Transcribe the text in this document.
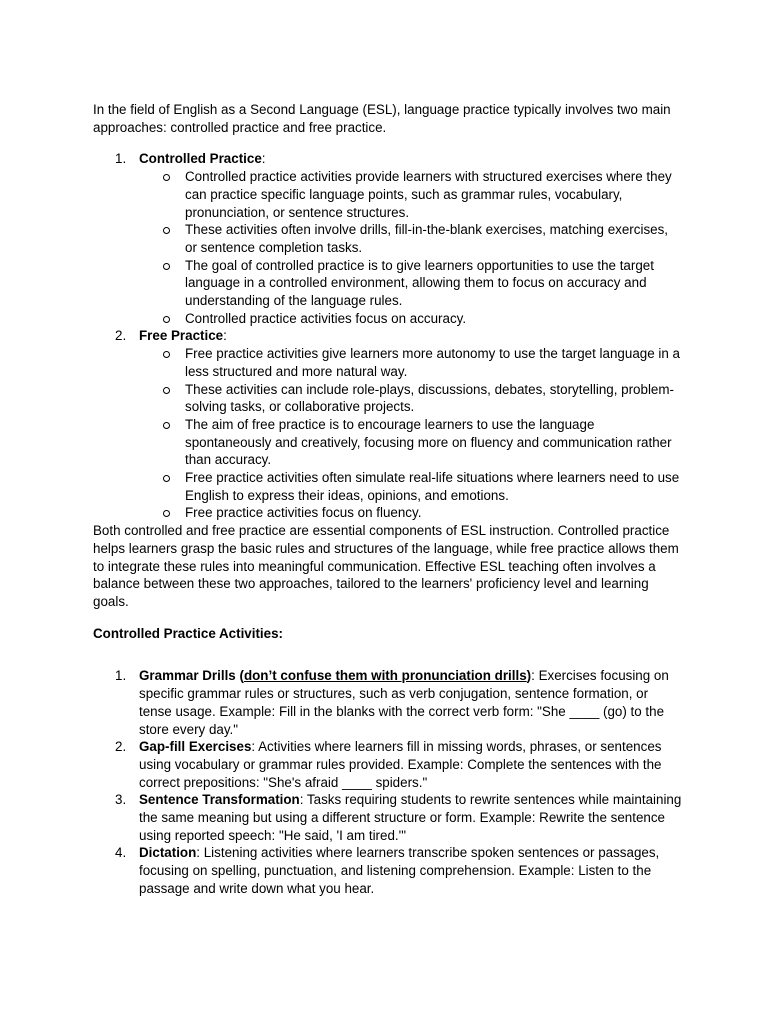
In the field of English as a Second Language (ESL), language practice typically involves two main approaches: controlled practice and free practice.

1. Controlled Practice:
Controlled practice activities provide learners with structured exercises where they can practice specific language points, such as grammar rules, vocabulary, pronunciation, or sentence structures.
These activities often involve drills, fill-in-the-blank exercises, matching exercises, or sentence completion tasks.
The goal of controlled practice is to give learners opportunities to use the target language in a controlled environment, allowing them to focus on accuracy and understanding of the language rules.
Controlled practice activities focus on accuracy.
2. Free Practice:
Free practice activities give learners more autonomy to use the target language in a less structured and more natural way.
These activities can include role-plays, discussions, debates, storytelling, problem-solving tasks, or collaborative projects.
The aim of free practice is to encourage learners to use the language spontaneously and creatively, focusing more on fluency and communication rather than accuracy.
Free practice activities often simulate real-life situations where learners need to use English to express their ideas, opinions, and emotions.
Free practice activities focus on fluency.

Both controlled and free practice are essential components of ESL instruction. Controlled practice helps learners grasp the basic rules and structures of the language, while free practice allows them to integrate these rules into meaningful communication. Effective ESL teaching often involves a balance between these two approaches, tailored to the learners' proficiency level and learning goals.

Controlled Practice Activities:

1. Grammar Drills (don’t confuse them with pronunciation drills): Exercises focusing on specific grammar rules or structures, such as verb conjugation, sentence formation, or tense usage. Example: Fill in the blanks with the correct verb form: "She ____ (go) to the store every day."
2. Gap-fill Exercises: Activities where learners fill in missing words, phrases, or sentences using vocabulary or grammar rules provided. Example: Complete the sentences with the correct prepositions: "She's afraid ____ spiders."
3. Sentence Transformation: Tasks requiring students to rewrite sentences while maintaining the same meaning but using a different structure or form. Example: Rewrite the sentence using reported speech: "He said, 'I am tired.'"
4. Dictation: Listening activities where learners transcribe spoken sentences or passages, focusing on spelling, punctuation, and listening comprehension. Example: Listen to the passage and write down what you hear.
